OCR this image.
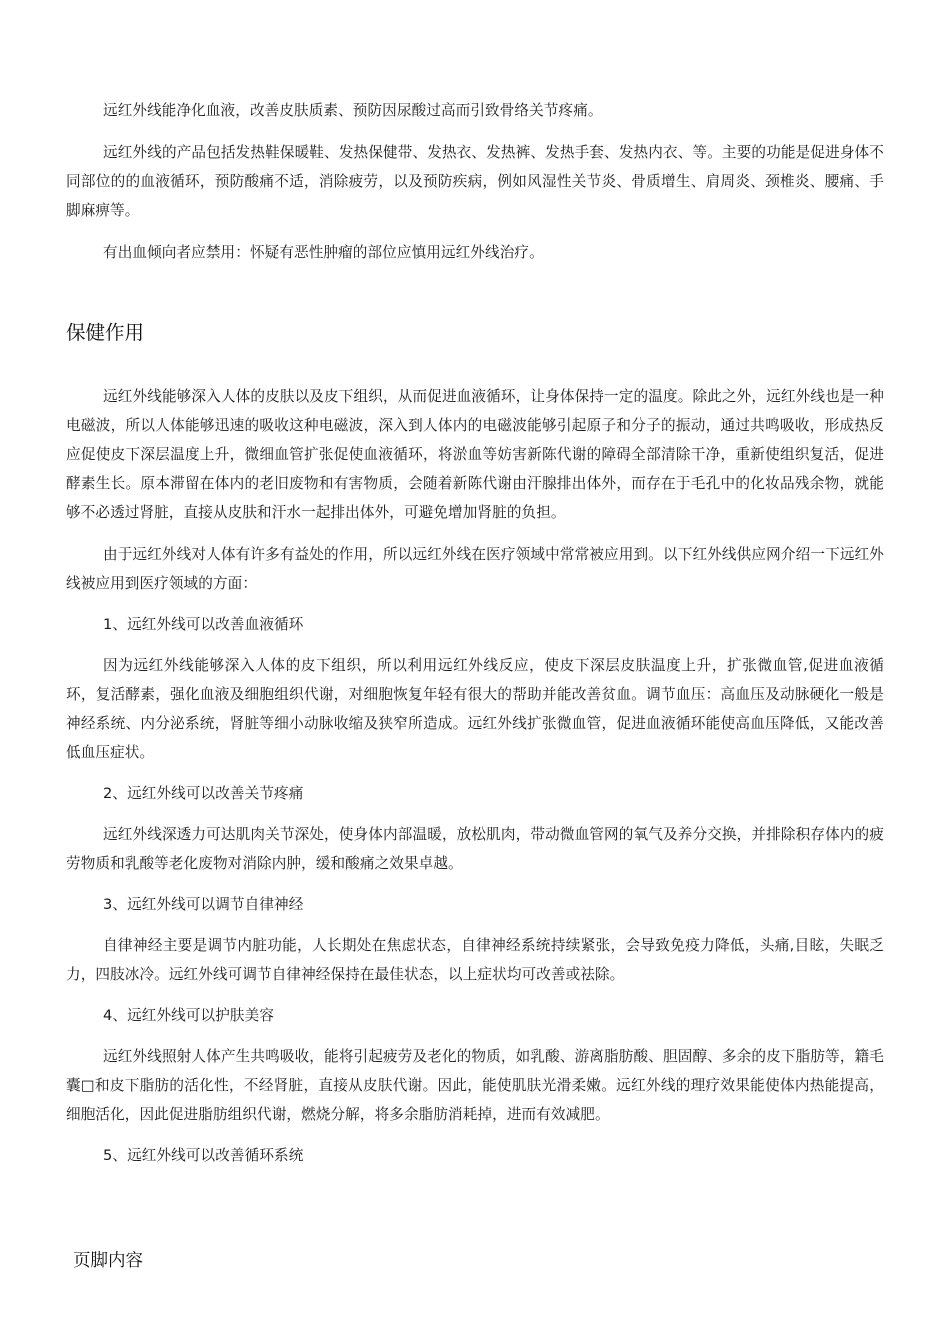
远红外线能净化血液，改善皮肤质素、预防因尿酸过高而引致骨络关节疼痛。

远红外线的产品包括发热鞋保暖鞋、发热保健带、发热衣、发热裤、发热手套、发热内衣、等。主要的功能是促进身体不同部位的的血液循环，预防酸痛不适，消除疲劳，以及预防疾病，例如风湿性关节炎、骨质增生、肩周炎、颈椎炎、腰痛、手脚麻痹等。

有出血倾向者应禁用：怀疑有恶性肿瘤的部位应慎用远红外线治疗。

保健作用

远红外线能够深入人体的皮肤以及皮下组织，从而促进血液循环，让身体保持一定的温度。除此之外，远红外线也是一种电磁波，所以人体能够迅速的吸收这种电磁波，深入到人体内的电磁波能够引起原子和分子的振动，通过共鸣吸收，形成热反应促使皮下深层温度上升，微细血管扩张促使血液循环，将淤血等妨害新陈代谢的障碍全部清除干净，重新使组织复活，促进酵素生长。原本滞留在体内的老旧废物和有害物质，会随着新陈代谢由汗腺排出体外，而存在于毛孔中的化妆品残余物，就能够不必透过肾脏，直接从皮肤和汗水一起排出体外，可避免增加肾脏的负担。

由于远红外线对人体有许多有益处的作用，所以远红外线在医疗领域中常常被应用到。以下红外线供应网介绍一下远红外线被应用到医疗领域的方面：

1、远红外线可以改善血液循环

因为远红外线能够深入人体的皮下组织，所以利用远红外线反应，使皮下深层皮肤温度上升，扩张微血管,促进血液循环，复活酵素，强化血液及细胞组织代谢，对细胞恢复年轻有很大的帮助并能改善贫血。调节血压：高血压及动脉硬化一般是神经系统、内分泌系统，肾脏等细小动脉收缩及狭窄所造成。远红外线扩张微血管，促进血液循环能使高血压降低，又能改善低血压症状。

2、远红外线可以改善关节疼痛

远红外线深透力可达肌肉关节深处，使身体内部温暖，放松肌肉，带动微血管网的氧气及养分交换，并排除积存体内的疲劳物质和乳酸等老化废物对消除内肿，缓和酸痛之效果卓越。

3、远红外线可以调节自律神经

自律神经主要是调节内脏功能，人长期处在焦虑状态，自律神经系统持续紧张，会导致免疫力降低，头痛,目眩，失眠乏力，四肢冰冷。远红外线可调节自律神经保持在最佳状态，以上症状均可改善或祛除。

4、远红外线可以护肤美容

远红外线照射人体产生共鸣吸收，能将引起疲劳及老化的物质，如乳酸、游离脂肪酸、胆固醇、多余的皮下脂肪等，籍毛囊□和皮下脂肪的活化性，不经肾脏，直接从皮肤代谢。因此，能使肌肤光滑柔嫩。远红外线的理疗效果能使体内热能提高，细胞活化，因此促进脂肪组织代谢，燃烧分解，将多余脂肪消耗掉，进而有效减肥。

5、远红外线可以改善循环系统

页脚内容
